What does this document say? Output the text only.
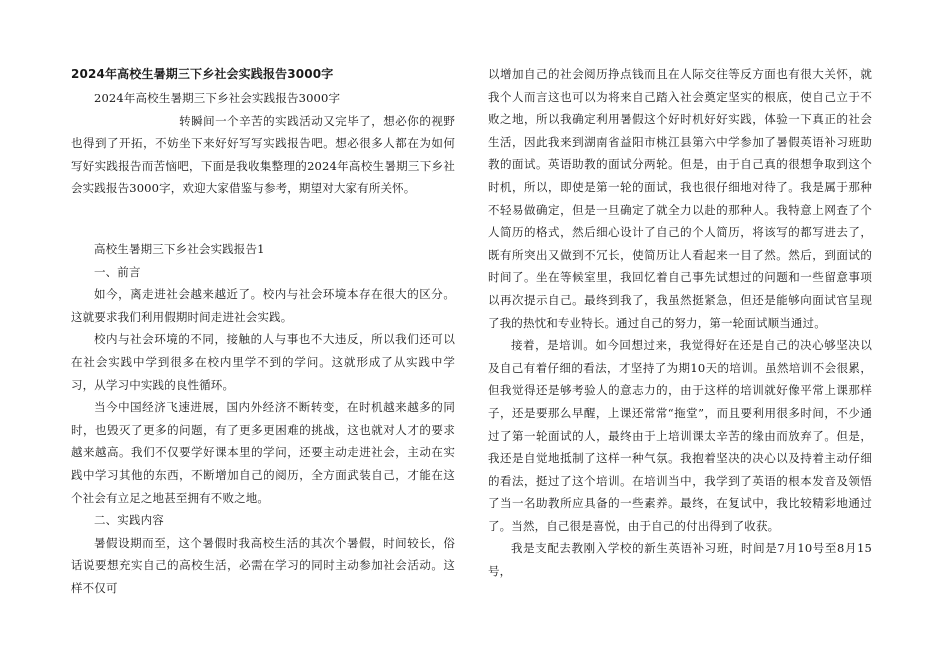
2024年高校生暑期三下乡社会实践报告3000字

2024年高校生暑期三下乡社会实践报告3000字

转瞬间一个辛苦的实践活动又完毕了，想必你的视野也得到了开拓，不妨坐下来好好写写实践报告吧。想必很多人都在为如何写好实践报告而苦恼吧，下面是我收集整理的2024年高校生暑期三下乡社会实践报告3000字，欢迎大家借鉴与参考，期望对大家有所关怀。

高校生暑期三下乡社会实践报告1

一、前言

如今，离走进社会越来越近了。校内与社会环境本存在很大的区分。这就要求我们利用假期时间走进社会实践。

校内与社会环境的不同，接触的人与事也不大违反，所以我们还可以在社会实践中学到很多在校内里学不到的学问。这就形成了从实践中学习，从学习中实践的良性循环。

当今中国经济飞速进展，国内外经济不断转变，在时机越来越多的同时，也毁灭了更多的问题，有了更多更困难的挑战，这也就对人才的要求越来越高。我们不仅要学好课本里的学问，还要主动走进社会，主动在实践中学习其他的东西，不断增加自己的阅历，全方面武装自己，才能在这个社会有立足之地甚至拥有不败之地。

二、实践内容

暑假设期而至，这个暑假时我高校生活的其次个暑假，时间较长，俗话说要想充实自己的高校生活，必需在学习的同时主动参加社会活动。这样不仅可

以增加自己的社会阅历挣点钱而且在人际交往等反方面也有很大关怀，就我个人而言这也可以为将来自己踏入社会奠定坚实的根底，使自己立于不败之地，所以我确定利用暑假这个好时机好好实践，体验一下真正的社会生活，因此我来到湖南省益阳市桃江县第六中学参加了暑假英语补习班助教的面试。英语助教的面试分两轮。但是，由于自己真的很想争取到这个时机，所以，即使是第一轮的面试，我也很仔细地对待了。我是属于那种不轻易做确定，但是一旦确定了就全力以赴的那种人。我特意上网查了个人简历的格式，然后细心设计了自己的个人简历，将该写的都写进去了，既有所突出又做到不冗长，使简历让人看起来一目了然。然后，到面试的时间了。坐在等候室里，我回忆着自己事先试想过的问题和一些留意事项以再次提示自己。最终到我了，我虽然挺紧急，但还是能够向面试官呈现了我的热忱和专业特长。通过自己的努力，第一轮面试顺当通过。

接着，是培训。如今回想过来，我觉得好在还是自己的决心够坚决以及自己有着仔细的看法，才坚持了为期10天的培训。虽然培训不会很累，但我觉得还是够考验人的意志力的，由于这样的培训就好像平常上课那样子，还是要那么早醒，上课还常常“拖堂”，而且要利用很多时间，不少通过了第一轮面试的人，最终由于上培训课太辛苦的缘由而放弃了。但是，我还是自觉地抵制了这样一种气氛。我抱着坚决的决心以及持着主动仔细的看法，挺过了这个培训。在培训当中，我学到了英语的根本发音及领悟了当一名助教所应具备的一些素养。最终，在复试中，我比较精彩地通过了。当然，自己很是喜悦，由于自己的付出得到了收获。

我是支配去教刚入学校的新生英语补习班，时间是7月10号至8月15号，
